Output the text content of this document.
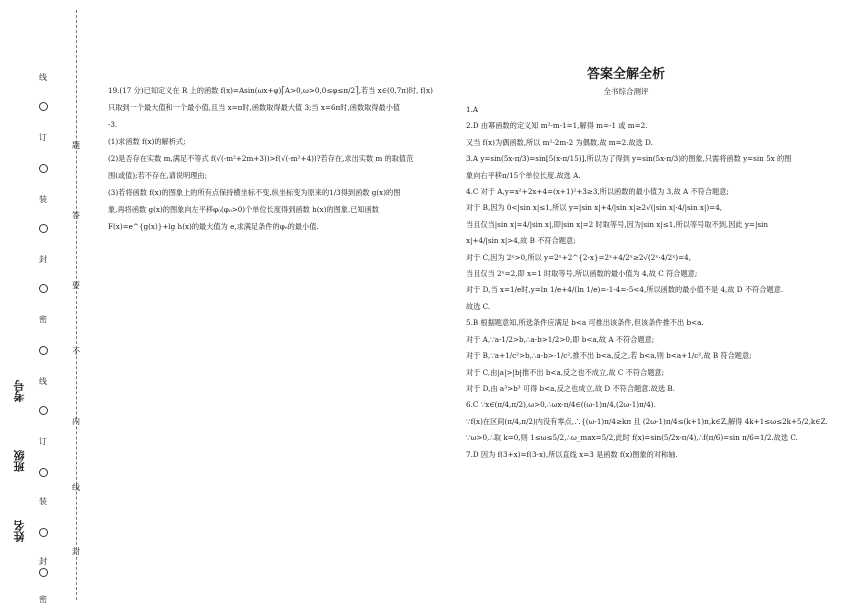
线
订
装
封
密
线
订
装
封
密
题
答
要
不
内
线
封
考号
班级
姓名

19.(17 分)已知定义在 R 上的函数 f(x)=Asin(ωx+φ)⎡A>0,ω>0,0≤φ≤π/2⎤,若当 x∈(0,7π)时, f(x)

只取到一个最大值和一个最小值,且当 x=π时,函数取得最大值 3;当 x=6π时,函数取得最小值

-3.

(1)求函数 f(x)的解析式;

(2)是否存在实数 m,满足不等式 f(√(-m²+2m+3))>f(√(-m²+4))?若存在,求出实数 m 的取值范

围(或值);若不存在,请说明理由;

(3)若将函数 f(x)的图象上的所有点保持横坐标不变,纵坐标变为原来的1/3得到函数 g(x)的图

象,再将函数 g(x)的图象向左平移φ₀(φ₀>0)个单位长度得到函数 h(x)的图象.已知函数

F(x)=e^{g(x)}+lg h(x)的最大值为 e,求满足条件的φ₀的最小值.

答案全解全析
全书综合测评

1.A

2.D 由幂函数的定义知 m²-m-1=1,解得 m=-1 或 m=2.

又当 f(x)为偶函数,所以 m²-2m-2 为偶数,故 m=2.故选 D.

3.A y=sin(5x-π/3)=sin[5(x-π/15)],所以为了得到 y=sin(5x-π/3)的图象,只需将函数 y=sin 5x 的图

象向右平移π/15个单位长度.故选 A.

4.C 对于 A,y=x²+2x+4=(x+1)²+3≥3,所以函数的最小值为 3,故 A 不符合题意;

对于 B,因为 0<|sin x|≤1,所以 y=|sin x|+4/|sin x|≥2√(|sin x|·4/|sin x|)=4,

当且仅当|sin x|=4/|sin x|,即|sin x|=2 时取等号,因为|sin x|≤1,所以等号取不到,因此 y=|sin

x|+4/|sin x|>4,故 B 不符合题意;

对于 C,因为 2ˣ>0,所以 y=2ˣ+2^{2-x}=2ˣ+4/2ˣ≥2√(2ˣ·4/2ˣ)=4,

当且仅当 2ˣ=2,即 x=1 时取等号,所以函数的最小值为 4,故 C 符合题意;

对于 D,当 x=1/e时,y=ln 1/e+4/(ln 1/e)=-1-4=-5<4,所以函数的最小值不是 4,故 D 不符合题意.

故选 C.

5.B 根据题意知,所选条件应满足 b<a 可推出该条件,但该条件推不出 b<a.

对于 A,∵a-1/2>b,∴a-b>1/2>0,即 b<a,故 A 不符合题意;

对于 B,∵a+1/c²>b,∴a-b>-1/c²,推不出 b<a,反之,若 b<a,则 b<a+1/c²,故 B 符合题意;

对于 C,由|a|>|b|推不出 b<a,反之也不成立,故 C 不符合题意;

对于 D,由 a³>b³ 可得 b<a,反之也成立,故 D 不符合题意.故选 B.

6.C ∵x∈(π/4,π/2),ω>0,∴ωx-π/4∈((ω-1)π/4,(2ω-1)π/4).

∵f(x)在区间(π/4,π/2)内没有零点,∴{(ω-1)π/4≥kπ 且 (2ω-1)π/4≤(k+1)π,k∈Z,解得 4k+1≤ω≤2k+5/2,k∈Z.

∵ω>0,∴取 k=0,则 1≤ω≤5/2,∴ω_max=5/2,此时 f(x)=sin(5/2x-π/4),∴f(π/6)=sin π/6=1/2.故选 C.

7.D 因为 f(3+x)=f(3-x),所以直线 x=3 是函数 f(x)图象的对称轴.
